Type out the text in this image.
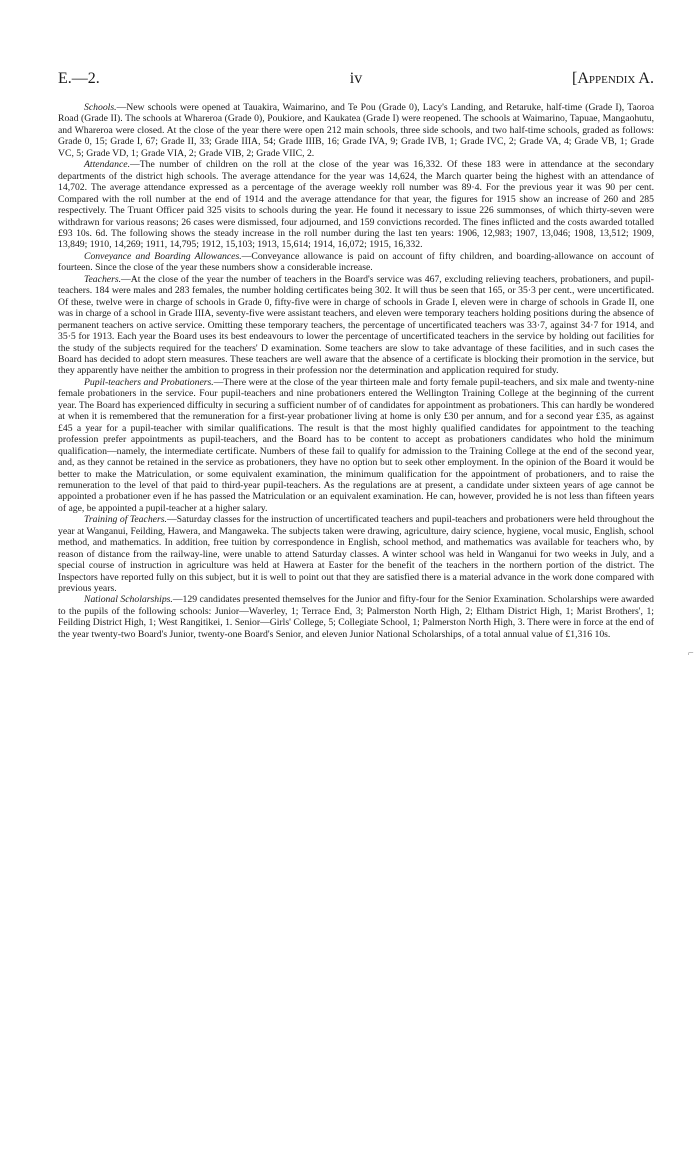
E.—2.	iv	[Appendix A.

Schools.—New schools were opened at Tauakira, Waimarino, and Te Pou (Grade 0), Lacy's Landing, and Retaruke, half-time (Grade I), Taoroa Road (Grade II). The schools at Wharerоа (Grade 0), Poukiore, and Kaukatea (Grade I) were reopened. The schools at Waimarino, Tapuae, Mangaohutu, and Wharerоа were closed. At the close of the year there were open 212 main schools, three side schools, and two half-time schools, graded as follows: Grade 0, 15; Grade I, 67; Grade II, 33; Grade IIIA, 54; Grade IIIB, 16; Grade IVA, 9; Grade IVB, 1; Grade IVC, 2; Grade VA, 4; Grade VB, 1; Grade VC, 5; Grade VD, 1; Grade VIA, 2; Grade VIB, 2; Grade VIIC, 2.

Attendance.—The number of children on the roll at the close of the year was 16,332. Of these 183 were in attendance at the secondary departments of the district high schools. The average attendance for the year was 14,624, the March quarter being the highest with an attendance of 14,702. The average attendance expressed as a percentage of the average weekly roll number was 89·4. For the previous year it was 90 per cent. Compared with the roll number at the end of 1914 and the average attendance for that year, the figures for 1915 show an increase of 260 and 285 respectively. The Truant Officer paid 325 visits to schools during the year. He found it necessary to issue 226 summonses, of which thirty-seven were withdrawn for various reasons; 26 cases were dismissed, four adjourned, and 159 convictions recorded. The fines inflicted and the costs awarded totalled £93 10s. 6d. The following shows the steady increase in the roll number during the last ten years: 1906, 12,983; 1907, 13,046; 1908, 13,512; 1909, 13,849; 1910, 14,269; 1911, 14,795; 1912, 15,103; 1913, 15,614; 1914, 16,072; 1915, 16,332.

Conveyance and Boarding Allowances.—Conveyance allowance is paid on account of fifty children, and boarding-allowance on account of fourteen. Since the close of the year these numbers show a considerable increase.

Teachers.—At the close of the year the number of teachers in the Board's service was 467, excluding relieving teachers, probationers, and pupil-teachers. 184 were males and 283 females, the number holding certificates being 302. It will thus be seen that 165, or 35·3 per cent., were uncertificated. Of these, twelve were in charge of schools in Grade 0, fifty-five were in charge of schools in Grade I, eleven were in charge of schools in Grade II, one was in charge of a school in Grade IIIA, seventy-five were assistant teachers, and eleven were temporary teachers holding positions during the absence of permanent teachers on active service. Omitting these temporary teachers, the percentage of uncertificated teachers was 33·7, against 34·7 for 1914, and 35·5 for 1913. Each year the Board uses its best endeavours to lower the percentage of uncertificated teachers in the service by holding out facilities for the study of the subjects required for the teachers' D examination. Some teachers are slow to take advantage of these facilities, and in such cases the Board has decided to adopt stern measures. These teachers are well aware that the absence of a certificate is blocking their promotion in the service, but they apparently have neither the ambition to progress in their profession nor the determination and application required for study.

Pupil-teachers and Probationers.—There were at the close of the year thirteen male and forty female pupil-teachers, and six male and twenty-nine female probationers in the service. Four pupil-teachers and nine probationers entered the Wellington Training College at the beginning of the current year. The Board has experienced difficulty in securing a sufficient number of of candidates for appointment as probationers. This can hardly be wondered at when it is remembered that the remuneration for a first-year probationer living at home is only £30 per annum, and for a second year £35, as against £45 a year for a pupil-teacher with similar qualifications. The result is that the most highly qualified candidates for appointment to the teaching profession prefer appointments as pupil-teachers, and the Board has to be content to accept as probationers candidates who hold the minimum qualification—namely, the intermediate certificate. Numbers of these fail to qualify for admission to the Training College at the end of the second year, and, as they cannot be retained in the service as probationers, they have no option but to seek other employment. In the opinion of the Board it would be better to make the Matriculation, or some equivalent examination, the minimum qualification for the appointment of probationers, and to raise the remuneration to the level of that paid to third-year pupil-teachers. As the regulations are at present, a candidate under sixteen years of age cannot be appointed a probationer even if he has passed the Matriculation or an equivalent examination. He can, however, provided he is not less than fifteen years of age, be appointed a pupil-teacher at a higher salary.

Training of Teachers.—Saturday classes for the instruction of uncertificated teachers and pupil-teachers and probationers were held throughout the year at Wanganui, Feilding, Hawera, and Mangaweka. The subjects taken were drawing, agriculture, dairy science, hygiene, vocal music, English, school method, and mathematics. In addition, free tuition by correspondence in English, school method, and mathematics was available for teachers who, by reason of distance from the railway-line, were unable to attend Saturday classes. A winter school was held in Wanganui for two weeks in July, and a special course of instruction in agriculture was held at Hawera at Easter for the benefit of the teachers in the northern portion of the district. The Inspectors have reported fully on this subject, but it is well to point out that they are satisfied there is a material advance in the work done compared with previous years.

National Scholarships.—129 candidates presented themselves for the Junior and fifty-four for the Senior Examination. Scholarships were awarded to the pupils of the following schools: Junior—Waverley, 1; Terrace End, 3; Palmerston North High, 2; Eltham District High, 1; Marist Brothers', 1; Feilding District High, 1; West Rangitikei, 1. Senior—Girls' College, 5; Collegiate School, 1; Palmerston North High, 3. There were in force at the end of the year twenty-two Board's Junior, twenty-one Board's Senior, and eleven Junior National Scholarships, of a total annual value of £1,316 10s.

⌐
